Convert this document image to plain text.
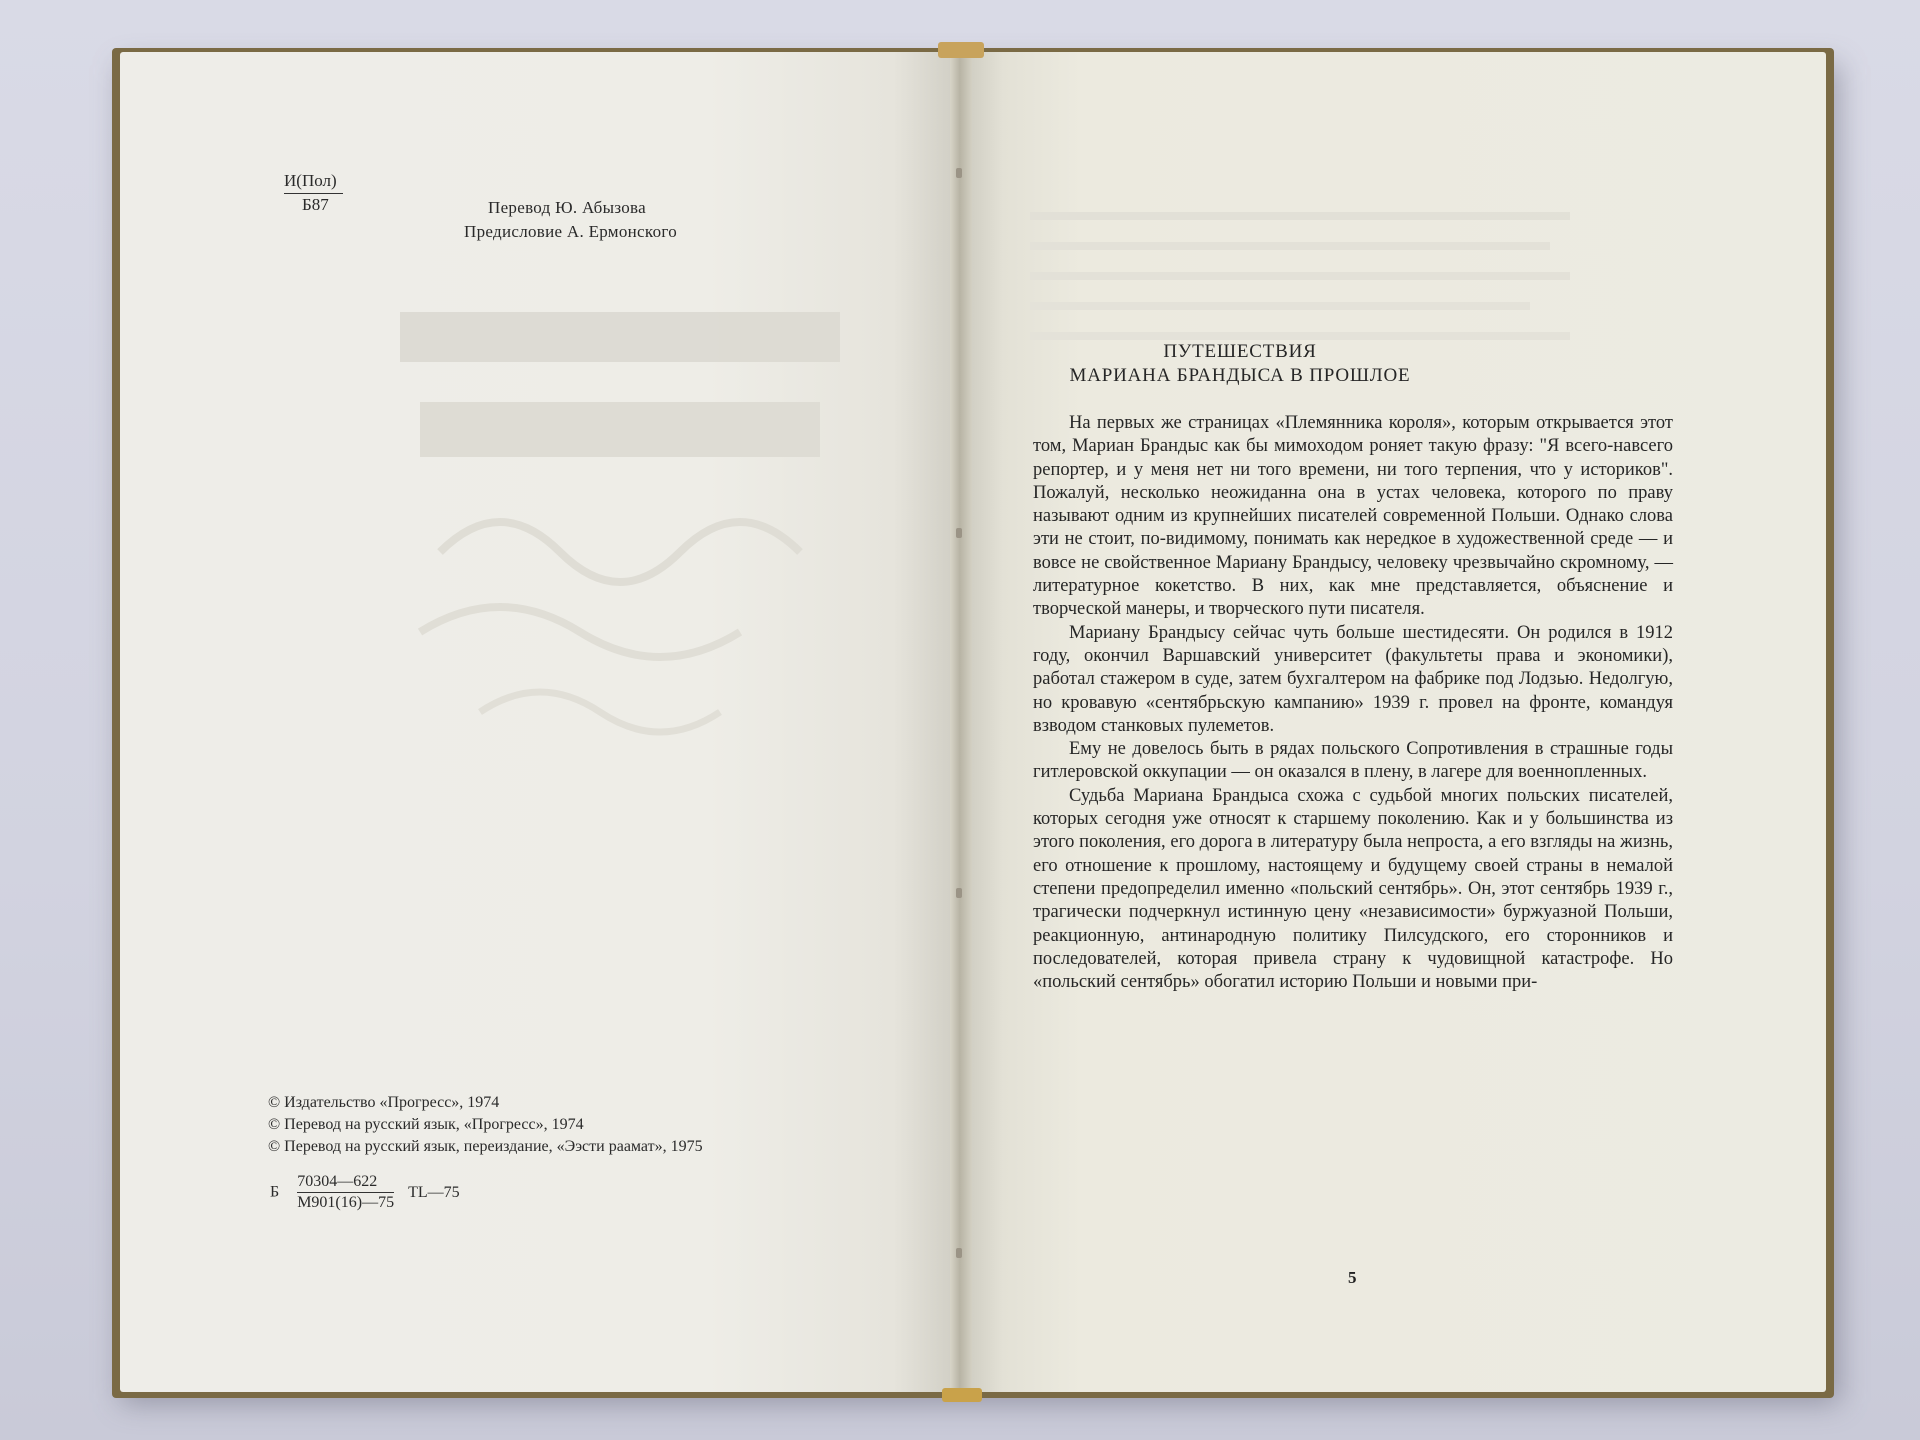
И(Пол)
Б87	Перевод Ю. Абызова
Предисловие А. Ермонского
© Издательство «Прогресс», 1974
© Перевод на русский язык, «Прогресс», 1974
© Перевод на русский язык, переиздание, «Ээсти раамат», 1975
Б $\frac{70304—622}{М901(16)—75}$ TL—75
ПУТЕШЕСТВИЯ
МАРИАНА БРАНДЫСА В ПРОШЛОЕ

На первых же страницах «Племянника короля», которым открывается этот том, Мариан Брандыс как бы мимоходом роняет такую фразу: "Я всего-навсего репортер, и у меня нет ни того времени, ни того терпения, что у историков". Пожалуй, несколько неожиданна она в устах человека, которого по праву называют одним из крупнейших писателей современной Польши. Однако слова эти не стоит, по-видимому, понимать как нередкое в художественной среде — и вовсе не свойственное Мариану Брандысу, человеку чрезвычайно скромному, — литературное кокетство. В них, как мне представляется, объяснение и творческой манеры, и творческого пути писателя.

Мариану Брандысу сейчас чуть больше шестидесяти. Он родился в 1912 году, окончил Варшавский университет (факультеты права и экономики), работал стажером в суде, затем бухгалтером на фабрике под Лодзью. Недолгую, но кровавую «сентябрьскую кампанию» 1939 г. провел на фронте, командуя взводом станковых пулеметов.

Ему не довелось быть в рядах польского Сопротивления в страшные годы гитлеровской оккупации — он оказался в плену, в лагере для военнопленных.

Судьба Мариана Брандыса схожа с судьбой многих польских писателей, которых сегодня уже относят к старшему поколению. Как и у большинства из этого поколения, его дорога в литературу была непроста, а его взгляды на жизнь, его отношение к прошлому, настоящему и будущему своей страны в немалой степени предопределил именно «польский сентябрь». Он, этот сентябрь 1939 г., трагически подчеркнул истинную цену «независимости» буржуазной Польши, реакционную, антинародную политику Пилсудского, его сторонников и последователей, которая привела страну к чудовищной катастрофе. Но «польский сентябрь» обогатил историю Польши и новыми при-

5
